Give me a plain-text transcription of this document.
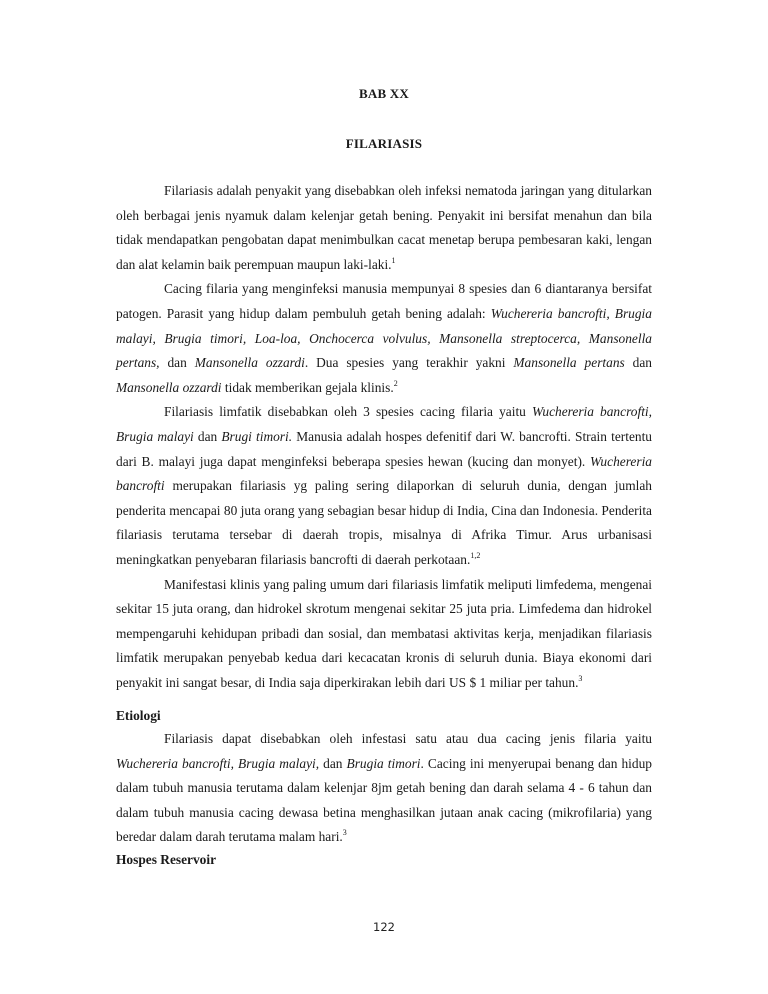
BAB XX
FILARIASIS

Filariasis adalah penyakit yang disebabkan oleh infeksi nematoda jaringan yang ditularkan oleh berbagai jenis nyamuk dalam kelenjar getah bening. Penyakit ini bersifat menahun dan bila tidak mendapatkan pengobatan dapat menimbulkan cacat menetap berupa pembesaran kaki, lengan dan alat kelamin baik perempuan maupun laki-laki.$^1$

Cacing filaria yang menginfeksi manusia mempunyai 8 spesies dan 6 diantaranya bersifat patogen. Parasit yang hidup dalam pembuluh getah bening adalah: Wuchereria bancrofti, Brugia malayi, Brugia timori, Loa-loa, Onchocerca volvulus, Mansonella streptocerca, Mansonella pertans, dan Mansonella ozzardi. Dua spesies yang terakhir yakni Mansonella pertans dan Mansonella ozzardi tidak memberikan gejala klinis.$^2$

Filariasis limfatik disebabkan oleh 3 spesies cacing filaria yaitu Wuchereria bancrofti, Brugia malayi dan Brugi timori. Manusia adalah hospes defenitif dari W. bancrofti. Strain tertentu dari B. malayi juga dapat menginfeksi beberapa spesies hewan (kucing dan monyet). Wuchereria bancrofti merupakan filariasis yg paling sering dilaporkan di seluruh dunia, dengan jumlah penderita mencapai 80 juta orang yang sebagian besar hidup di India, Cina dan Indonesia. Penderita filariasis terutama tersebar di daerah tropis, misalnya di Afrika Timur. Arus urbanisasi meningkatkan penyebaran filariasis bancrofti di daerah perkotaan.$^{1,2}$

Manifestasi klinis yang paling umum dari filariasis limfatik meliputi limfedema, mengenai sekitar 15 juta orang, dan hidrokel skrotum mengenai sekitar 25 juta pria. Limfedema dan hidrokel mempengaruhi kehidupan pribadi dan sosial, dan membatasi aktivitas kerja, menjadikan filariasis limfatik merupakan penyebab kedua dari kecacatan kronis di seluruh dunia. Biaya ekonomi dari penyakit ini sangat besar, di India saja diperkirakan lebih dari US $ 1 miliar per tahun.$^3$

Etiologi

Filariasis dapat disebabkan oleh infestasi satu atau dua cacing jenis filaria yaitu Wuchereria bancrofti, Brugia malayi, dan Brugia timori. Cacing ini menyerupai benang dan hidup dalam tubuh manusia terutama dalam kelenjar 8jm getah bening dan darah selama 4 - 6 tahun dan dalam tubuh manusia cacing dewasa betina menghasilkan jutaan anak cacing (mikrofilaria) yang beredar dalam darah terutama malam hari.$^3$

Hospes Reservoir
122
